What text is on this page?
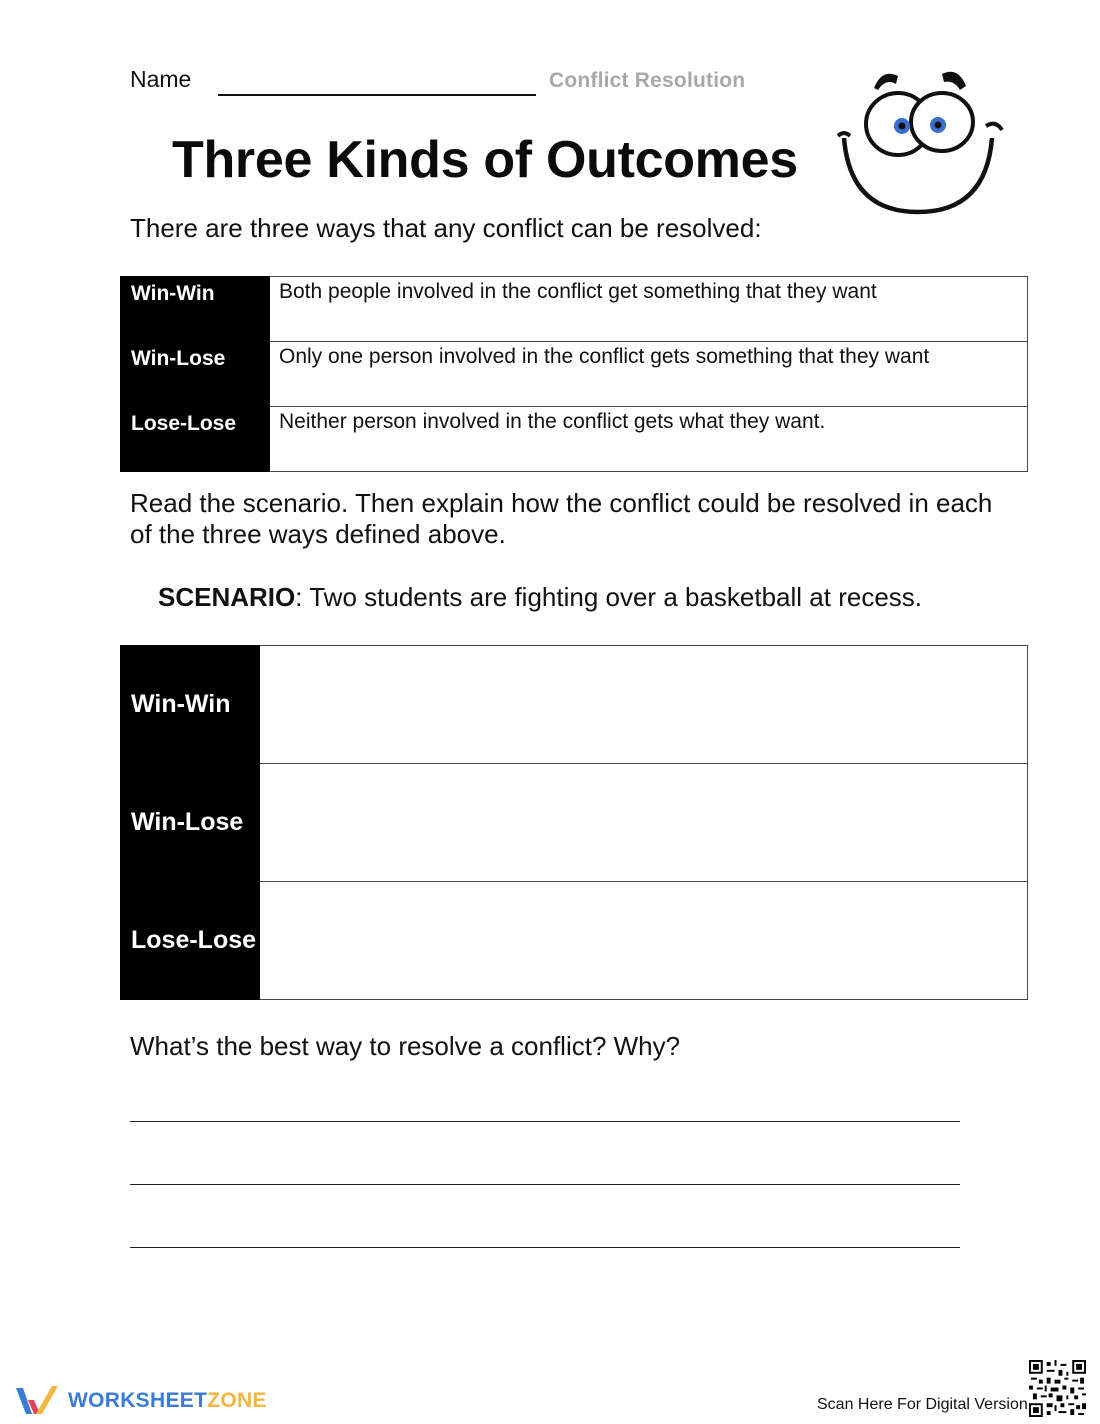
Name	Conflict Resolution
Three Kinds of Outcomes
There are three ways that any conflict can be resolved:
Win-Win	Both people involved in the conflict get something that they want
Win-Lose	Only one person involved in the conflict gets something that they want
Lose-Lose	Neither person involved in the conflict gets what they want.
Read the scenario. Then explain how the conflict could be resolved in each of the three ways defined above.
SCENARIO: Two students are fighting over a basketball at recess.
Win-Win	
Win-Lose	
Lose-Lose	
What’s the best way to resolve a conflict? Why?
WORKSHEETZONE	Scan Here For Digital Version
